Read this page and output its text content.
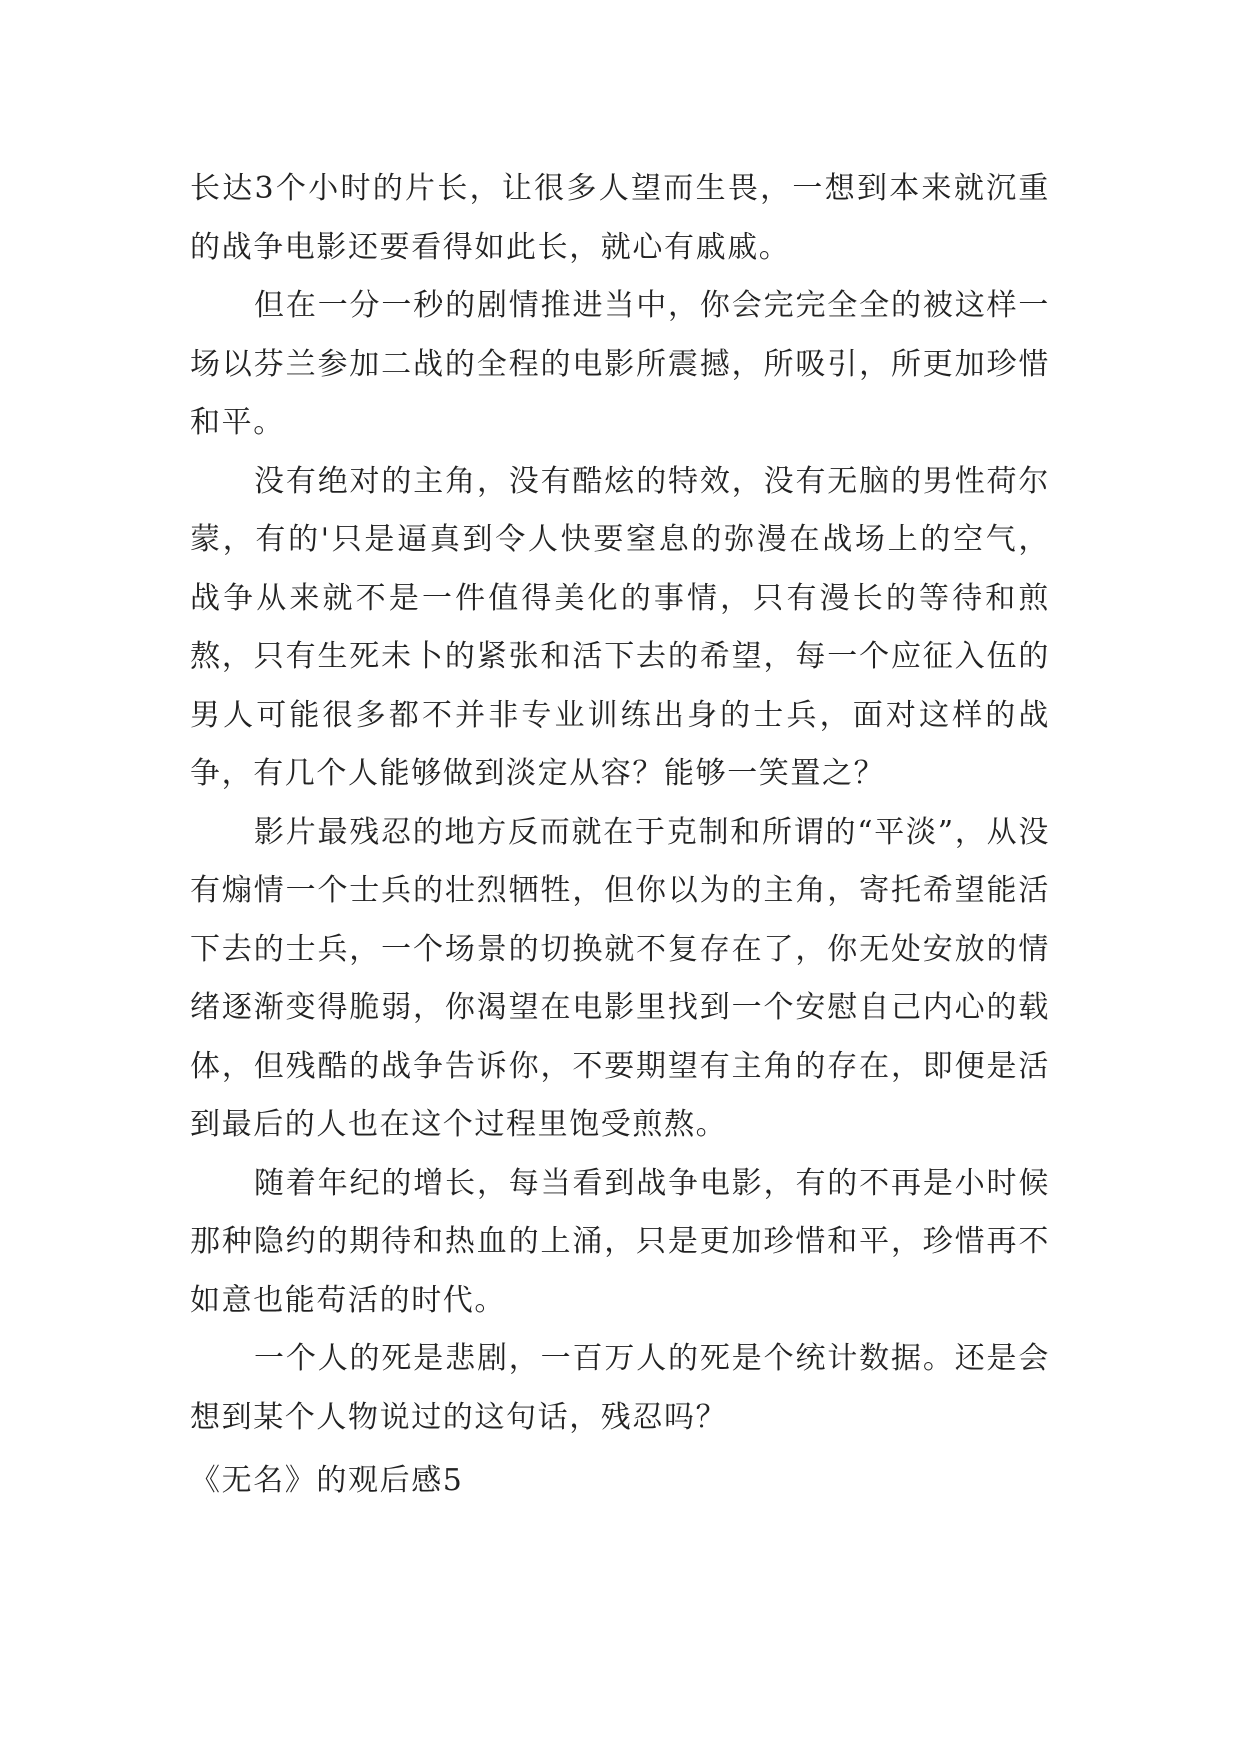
长达3个小时的片长，让很多人望而生畏，一想到本来就沉重的战争电影还要看得如此长，就心有戚戚。

但在一分一秒的剧情推进当中，你会完完全全的被这样一场以芬兰参加二战的全程的电影所震撼，所吸引，所更加珍惜和平。

没有绝对的主角，没有酷炫的特效，没有无脑的男性荷尔蒙，有的'只是逼真到令人快要窒息的弥漫在战场上的空气，战争从来就不是一件值得美化的事情，只有漫长的等待和煎熬，只有生死未卜的紧张和活下去的希望，每一个应征入伍的男人可能很多都不并非专业训练出身的士兵，面对这样的战争，有几个人能够做到淡定从容？能够一笑置之？

影片最残忍的地方反而就在于克制和所谓的“平淡”，从没有煽情一个士兵的壮烈牺牲，但你以为的主角，寄托希望能活下去的士兵，一个场景的切换就不复存在了，你无处安放的情绪逐渐变得脆弱，你渴望在电影里找到一个安慰自己内心的载体，但残酷的战争告诉你，不要期望有主角的存在，即便是活到最后的人也在这个过程里饱受煎熬。

随着年纪的增长，每当看到战争电影，有的不再是小时候那种隐约的期待和热血的上涌，只是更加珍惜和平，珍惜再不如意也能苟活的时代。

一个人的死是悲剧，一百万人的死是个统计数据。还是会想到某个人物说过的这句话，残忍吗？

《无名》的观后感5
